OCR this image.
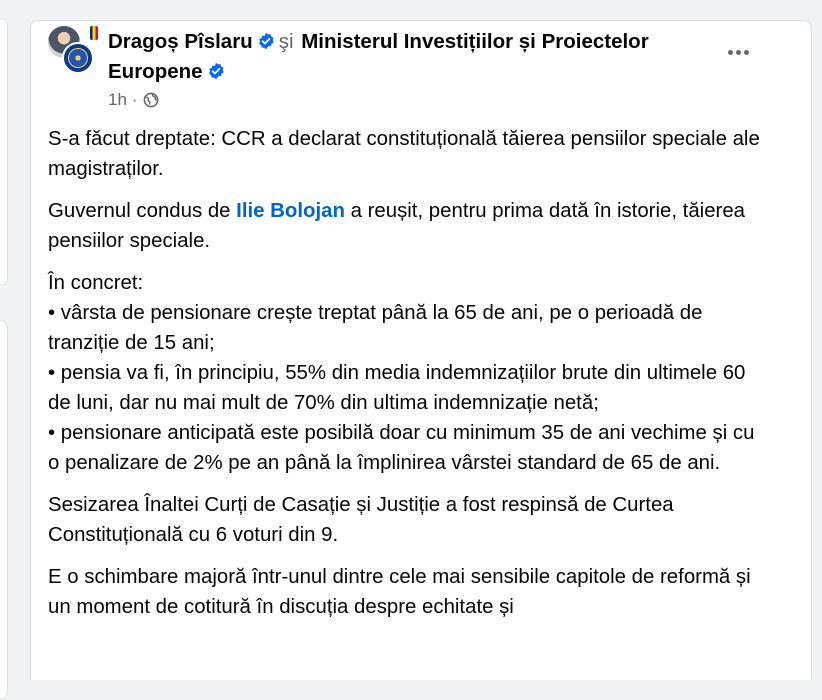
Dragoș Pîslaru şi Ministerul Investițiilor și Proiectelor Europene
1h ·

S-a făcut dreptate: CCR a declarat constituțională tăierea pensiilor speciale ale magistraților.

Guvernul condus de Ilie Bolojan a reușit, pentru prima dată în istorie, tăierea pensiilor speciale.

În concret:
• vârsta de pensionare crește treptat până la 65 de ani, pe o perioadă de tranziție de 15 ani;
• pensia va fi, în principiu, 55% din media indemnizațiilor brute din ultimele 60 de luni, dar nu mai mult de 70% din ultima indemnizație netă;
• pensionare anticipată este posibilă doar cu minimum 35 de ani vechime și cu o penalizare de 2% pe an până la împlinirea vârstei standard de 65 de ani.

Sesizarea Înaltei Curți de Casație și Justiție a fost respinsă de Curtea Constituțională cu 6 voturi din 9.

E o schimbare majoră într-unul dintre cele mai sensibile capitole de reformă și un moment de cotitură în discuția despre echitate și
